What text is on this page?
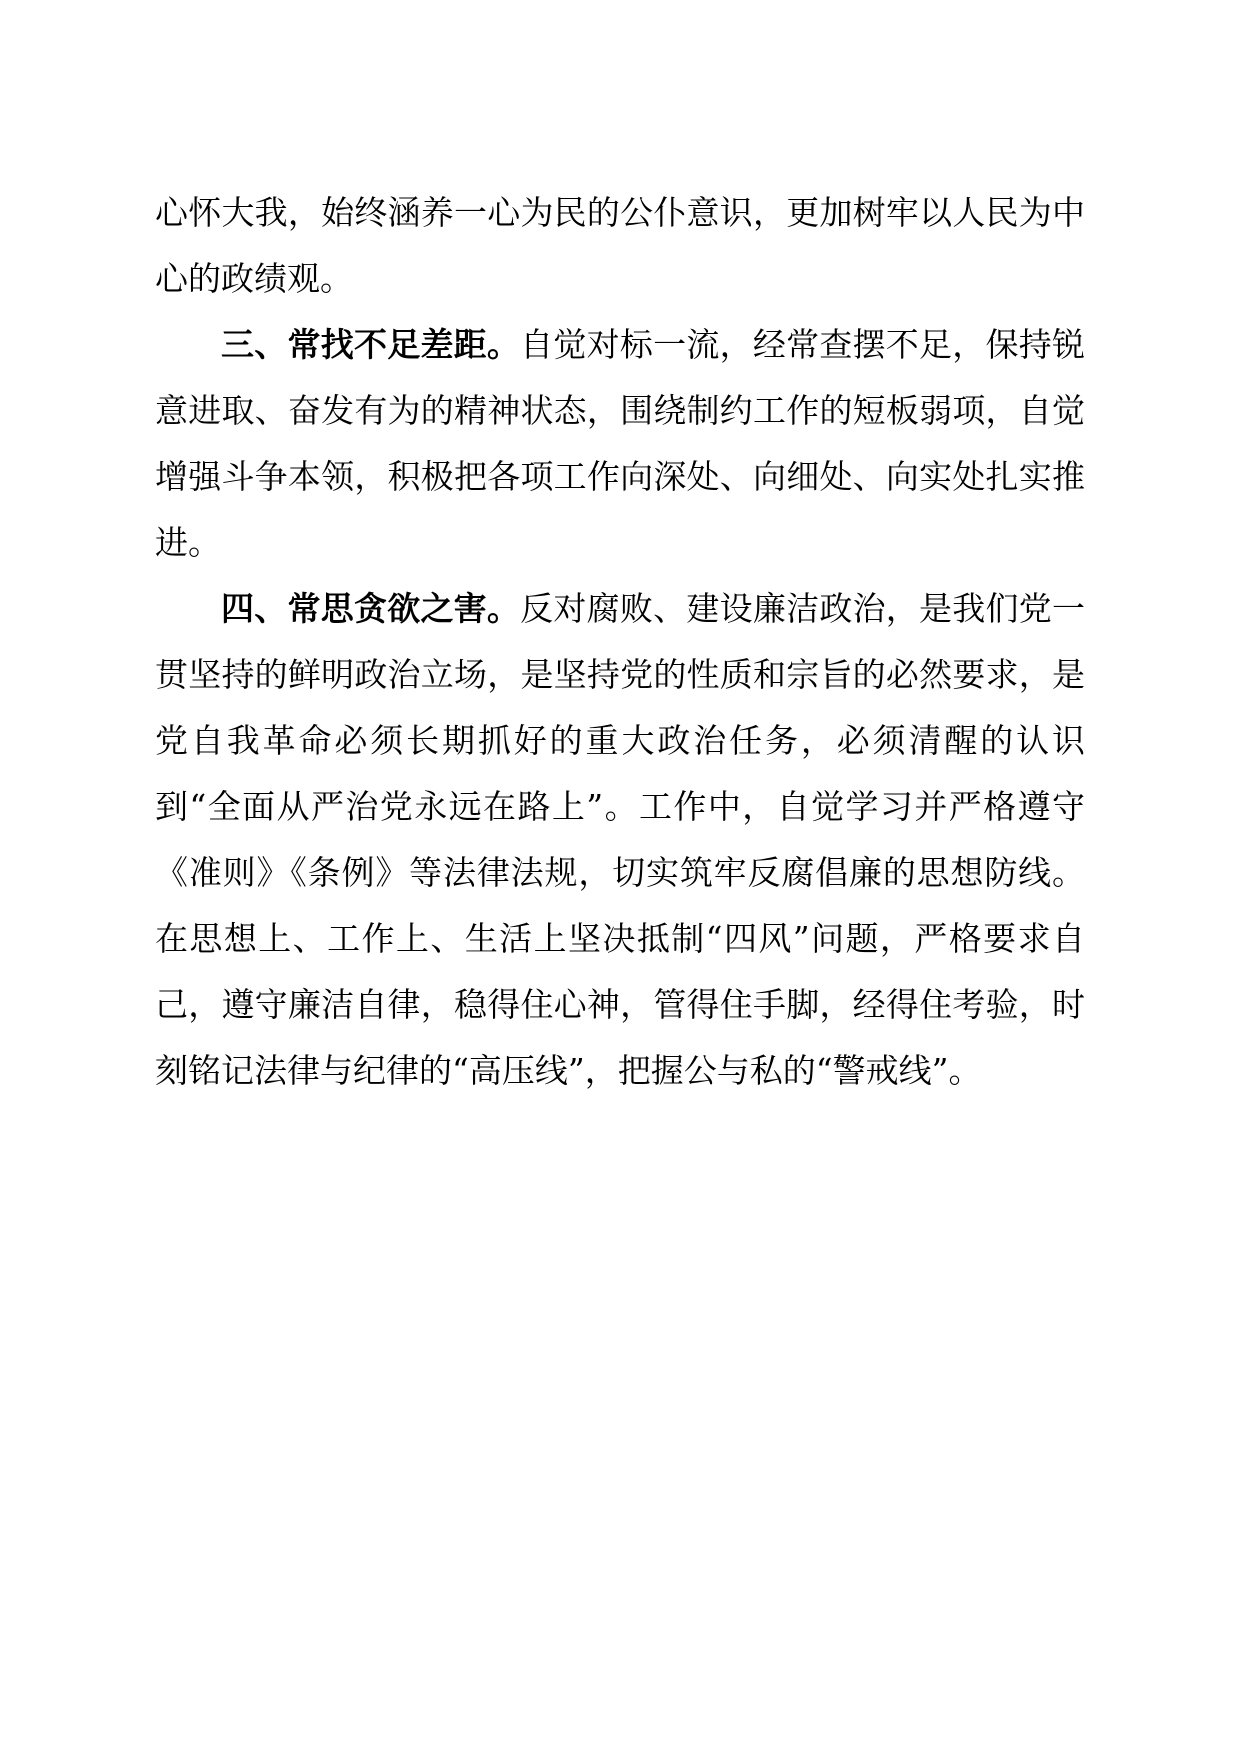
心怀大我，始终涵养一心为民的公仆意识，更加树牢以人民为中心的政绩观。

三、常找不足差距。自觉对标一流，经常查摆不足，保持锐意进取、奋发有为的精神状态，围绕制约工作的短板弱项，自觉增强斗争本领，积极把各项工作向深处、向细处、向实处扎实推进。

四、常思贪欲之害。反对腐败、建设廉洁政治，是我们党一贯坚持的鲜明政治立场，是坚持党的性质和宗旨的必然要求，是党自我革命必须长期抓好的重大政治任务，必须清醒的认识到“全面从严治党永远在路上”。工作中，自觉学习并严格遵守《准则》《条例》等法律法规，切实筑牢反腐倡廉的思想防线。在思想上、工作上、生活上坚决抵制“四风”问题，严格要求自己，遵守廉洁自律，稳得住心神，管得住手脚，经得住考验，时刻铭记法律与纪律的“高压线”，把握公与私的“警戒线”。
